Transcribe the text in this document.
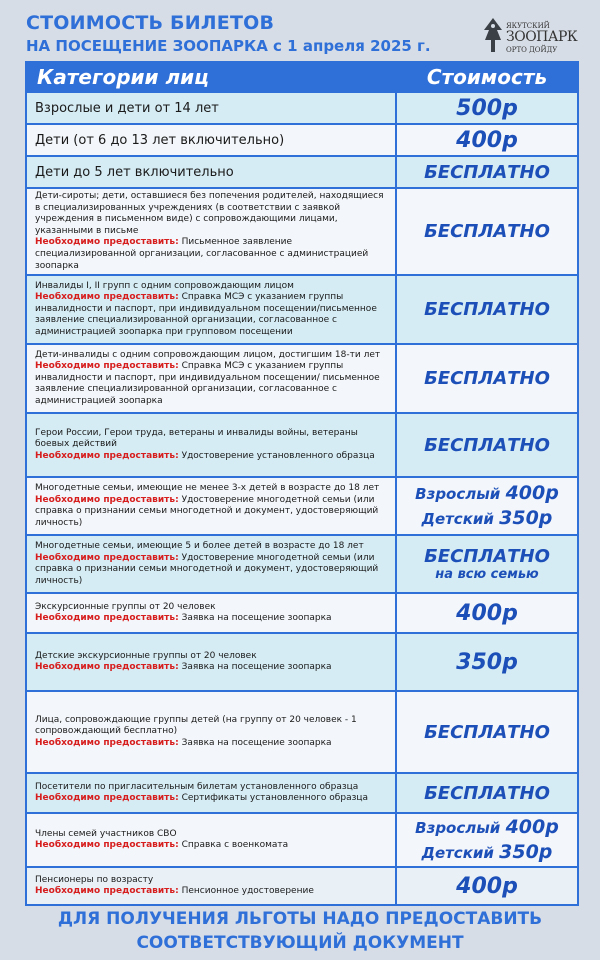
СТОИМОСТЬ БИЛЕТОВ
НА ПОСЕЩЕНИЕ ЗООПАРКА с 1 апреля 2025 г.
ЯКУТСКИЙ
ЗООПАРК
ОРТО ДОЙДУ
Категории лиц	Стоимость
Взрослые и дети от 14 лет	500р
Дети (от 6 до 13 лет включительно)	400р
Дети до 5 лет включительно	БЕСПЛАТНО
Дети-сироты; дети, оставшиеся без попечения родителей, находящиеся в специализированных учреждениях (в соответствии с заявкой учреждения в письменном виде) с сопровождающими лицами, указанными в письме
Необходимо предоставить: Письменное заявление специализированной организации, согласованное с администрацией зоопарка	БЕСПЛАТНО
Инвалиды I, II групп с одним сопровождающим лицом
Необходимо предоставить: Справка МСЭ с указанием группы инвалидности и паспорт, при индивидуальном посещении/письменное заявление специализированной организации, согласованное с администрацией зоопарка при групповом посещении	БЕСПЛАТНО
Дети-инвалиды с одним сопровождающим лицом, достигшим 18-ти лет
Необходимо предоставить: Справка МСЭ с указанием группы инвалидности и паспорт, при индивидуальном посещении/ письменное заявление специализированной организации, согласованное с администрацией зоопарка	БЕСПЛАТНО
Герои России, Герои труда, ветераны и инвалиды войны, ветераны боевых действий
Необходимо предоставить: Удостоверение установленного образца	БЕСПЛАТНО
Многодетные семьи, имеющие не менее 3-х детей в возрасте до 18 лет
Необходимо предоставить: Удостоверение многодетной семьи (или справка о признании семьи многодетной и документ, удостоверяющий личность)	Взрослый 400р
Детский 350р
Многодетные семьи, имеющие 5 и более детей в возрасте до 18 лет
Необходимо предоставить: Удостоверение многодетной семьи (или справка о признании семьи многодетной и документ, удостоверяющий личность)	БЕСПЛАТНО
на всю семью

Экскурсионные группы от 20 человек
Необходимо предоставить: Заявка на посещение зоопарка	400р
Детские экскурсионные группы от 20 человек
Необходимо предоставить: Заявка на посещение зоопарка	350р
Лица, сопровождающие группы детей (на группу от 20 человек - 1 сопровождающий бесплатно)
Необходимо предоставить: Заявка на посещение зоопарка	БЕСПЛАТНО
Посетители по пригласительным билетам установленного образца
Необходимо предоставить: Сертификаты установленного образца	БЕСПЛАТНО
Члены семей участников СВО
Необходимо предоставить: Справка с военкомата	Взрослый 400р
Детский 350р
Пенсионеры по возрасту
Необходимо предоставить: Пенсионное удостоверение	400р
ДЛЯ ПОЛУЧЕНИЯ ЛЬГОТЫ НАДО ПРЕДОСТАВИТЬ
СООТВЕТСТВУЮЩИЙ ДОКУМЕНТ
